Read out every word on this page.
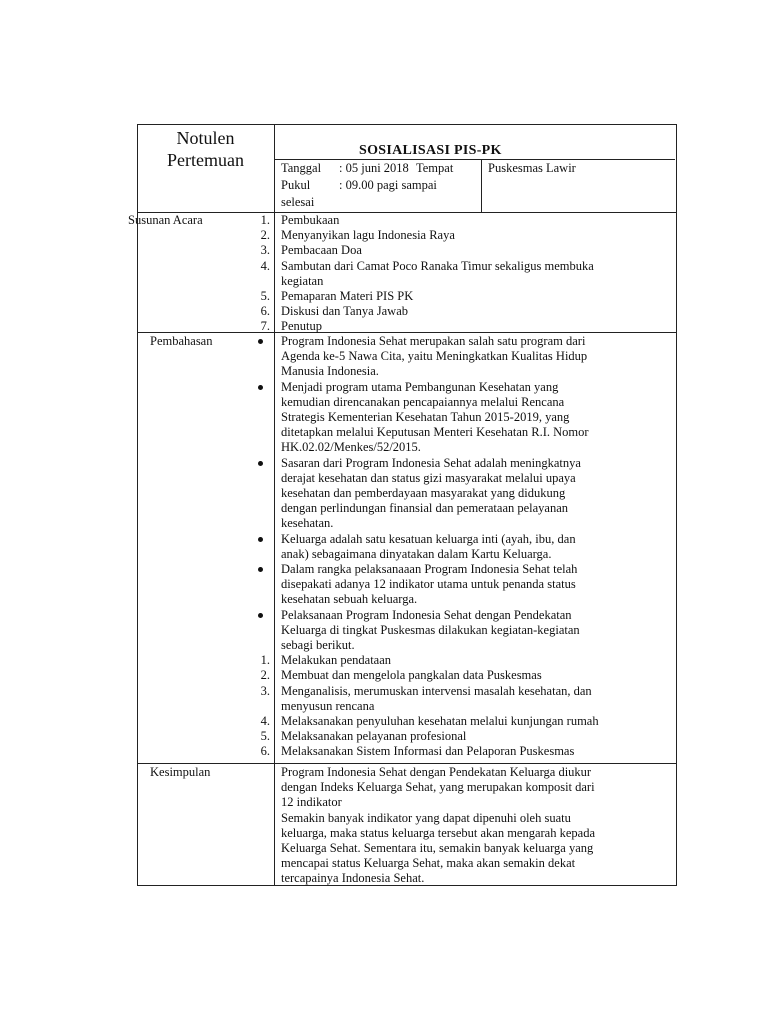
Notulen
Pertemuan	SOSIALISASI PIS-PK
Tanggal : 05 juni 2018 Tempat	Puskesmas Lawir
Pukul : 09.00 pagi sampai
selesai
Susunan Acara
Pembahasan
Kesimpulan
1. Pembukaan
2. Menyanyikan lagu Indonesia Raya
3. Pembacaan Doa
4. Sambutan dari Camat Poco Ranaka Timur sekaligus membuka
kegiatan
5. Pemaparan Materi PIS PK
6. Diskusi dan Tanya Jawab
7. Penutup
Program Indonesia Sehat merupakan salah satu program dari
Agenda ke-5 Nawa Cita, yaitu Meningkatkan Kualitas Hidup
Manusia Indonesia.
Menjadi program utama Pembangunan Kesehatan yang
kemudian direncanakan pencapaiannya melalui Rencana
Strategis Kementerian Kesehatan Tahun 2015-2019, yang
ditetapkan melalui Keputusan Menteri Kesehatan R.I. Nomor
HK.02.02/Menkes/52/2015.
Sasaran dari Program Indonesia Sehat adalah meningkatnya
derajat kesehatan dan status gizi masyarakat melalui upaya
kesehatan dan pemberdayaan masyarakat yang didukung
dengan perlindungan finansial dan pemerataan pelayanan
kesehatan.
Keluarga adalah satu kesatuan keluarga inti (ayah, ibu, dan
anak) sebagaimana dinyatakan dalam Kartu Keluarga.
Dalam rangka pelaksanaaan Program Indonesia Sehat telah
disepakati adanya 12 indikator utama untuk penanda status
kesehatan sebuah keluarga.
Pelaksanaan Program Indonesia Sehat dengan Pendekatan
Keluarga di tingkat Puskesmas dilakukan kegiatan-kegiatan
sebagi berikut.
1. Melakukan pendataan
2. Membuat dan mengelola pangkalan data Puskesmas
3. Menganalisis, merumuskan intervensi masalah kesehatan, dan
menyusun rencana
4. Melaksanakan penyuluhan kesehatan melalui kunjungan rumah
5. Melaksanakan pelayanan profesional
6. Melaksanakan Sistem Informasi dan Pelaporan Puskesmas
Program Indonesia Sehat dengan Pendekatan Keluarga diukur
dengan Indeks Keluarga Sehat, yang merupakan komposit dari
12 indikator
Semakin banyak indikator yang dapat dipenuhi oleh suatu
keluarga, maka status keluarga tersebut akan mengarah kepada
Keluarga Sehat. Sementara itu, semakin banyak keluarga yang
mencapai status Keluarga Sehat, maka akan semakin dekat
tercapainya Indonesia Sehat.
